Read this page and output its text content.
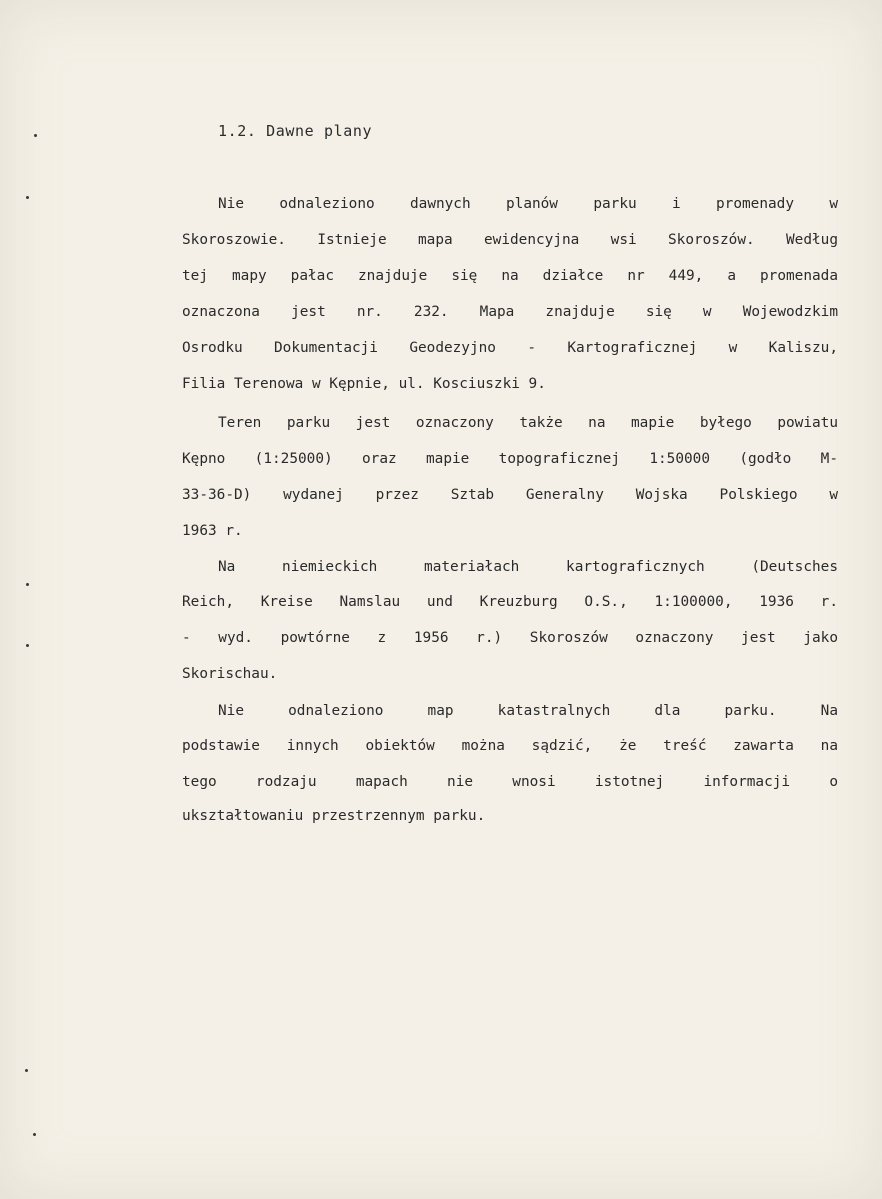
1.2. Dawne plany
Nie odnaleziono dawnych planów parku i promenady w
Skoroszowie. Istnieje mapa ewidencyjna wsi Skoroszów. Według
tej mapy pałac znajduje się na działce nr 449, a promenada
oznaczona jest nr. 232. Mapa znajduje się w Wojewodzkim
Osrodku Dokumentacji Geodezyjno - Kartograficznej w Kaliszu,
Filia Terenowa w Kępnie, ul. Kosciuszki 9.
Teren parku jest oznaczony także na mapie byłego powiatu
Kępno (1:25000) oraz mapie topograficznej 1:50000 (godło M-
33-36-D) wydanej przez Sztab Generalny Wojska Polskiego w
1963 r.
Na niemieckich materiałach kartograficznych (Deutsches
Reich, Kreise Namslau und Kreuzburg O.S., 1:100000, 1936 r.
- wyd. powtórne z 1956 r.) Skoroszów oznaczony jest jako
Skorischau.
Nie odnaleziono map katastralnych dla parku. Na
podstawie innych obiektów można sądzić, że treść zawarta na
tego rodzaju mapach nie wnosi istotnej informacji o
ukształtowaniu przestrzennym parku.
